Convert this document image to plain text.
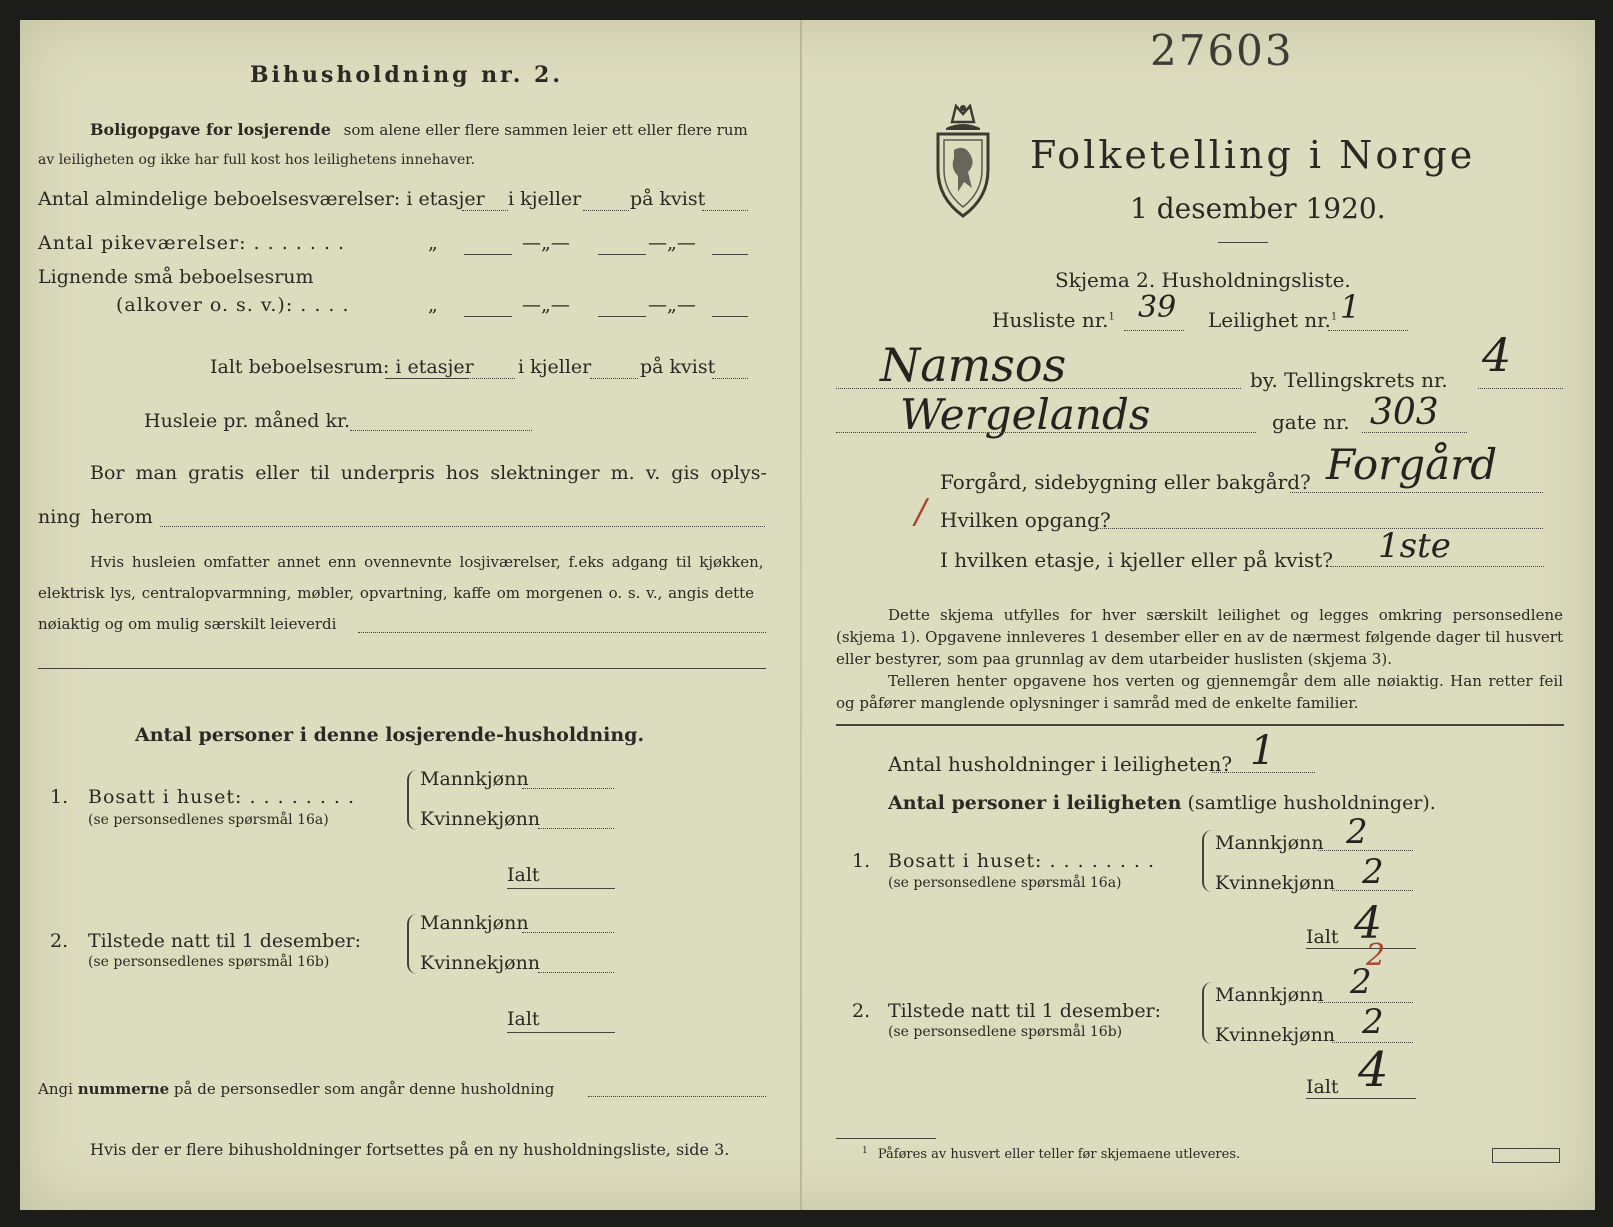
27603
Bihusholdning nr. 2.
Boligopgave for losjerende som alene eller flere sammen leier ett eller flere rum
av leiligheten og ikke har full kost hos leilighetens innehaver.
Antal almindelige beboelsesværelser: i etasjer i kjeller	på kvist
Antal pikeværelser: . . . . . . .	„	—„—	—„—
Lignende små beboelsesrum
(alkover o. s. v.): . . . .	„	—„—	—„—
Ialt beboelsesrum: i etasjer i kjeller	på kvist
Husleie pr. måned kr.
Bor man gratis eller til underpris hos slektninger m. v. gis oplys-
ning herom
Hvis husleien omfatter annet enn ovennevnte losjiværelser, f.eks adgang til kjøkken,
elektrisk lys, centralopvarmning, møbler, opvartning, kaffe om morgenen o. s. v., angis dette
nøiaktig og om mulig særskilt leieverdi
Antal personer i denne losjerende-husholdning.
1. Bosatt i huset: . . . . . . . .
(se personsedlenes spørsmål 16a)
Mannkjønn
Kvinnekjønn
Ialt
2. Tilstede natt til 1 desember:
(se personsedlenes spørsmål 16b)
Mannkjønn
Kvinnekjønn
Ialt
Angi nummerne på de personsedler som angår denne husholdning
Hvis der er flere bihusholdninger fortsettes på en ny husholdningsliste, side 3.
Folketelling i Norge
1 desember 1920.
Skjema 2. Husholdningsliste.
Husliste nr.$^1$ 39 Leilighet nr.$^1$ 1
Namsos	by. Tellingskrets nr. 4
Wergelands	gate nr. 303
Forgård, sidebygning eller bakgård? Forgård
/ Hvilken opgang?
I hvilken etasje, i kjeller eller på kvist? 1ste
Dette skjema utfylles for hver særskilt leilighet og legges omkring personsedlene (skjema 1). Opgavene innleveres 1 desember eller en av de nærmest følgende dager til husvert eller bestyrer, som paa grunnlag av dem utarbeider huslisten (skjema 3).
Telleren henter opgavene hos verten og gjennemgår dem alle nøiaktig. Han retter feil og påfører manglende oplysninger i samråd med de enkelte familier.
Antal husholdninger i leiligheten? 1
Antal personer i leiligheten (samtlige husholdninger).
1. Bosatt i huset: . . . . . . . .
(se personsedlene spørsmål 16a)
Mannkjønn 2
Kvinnekjønn 2
Ialt 4
2
2. Tilstede natt til 1 desember:
(se personsedlene spørsmål 16b)
Mannkjønn 2
Kvinnekjønn 2
Ialt 4
$^1$ Påføres av husvert eller teller før skjemaene utleveres.
